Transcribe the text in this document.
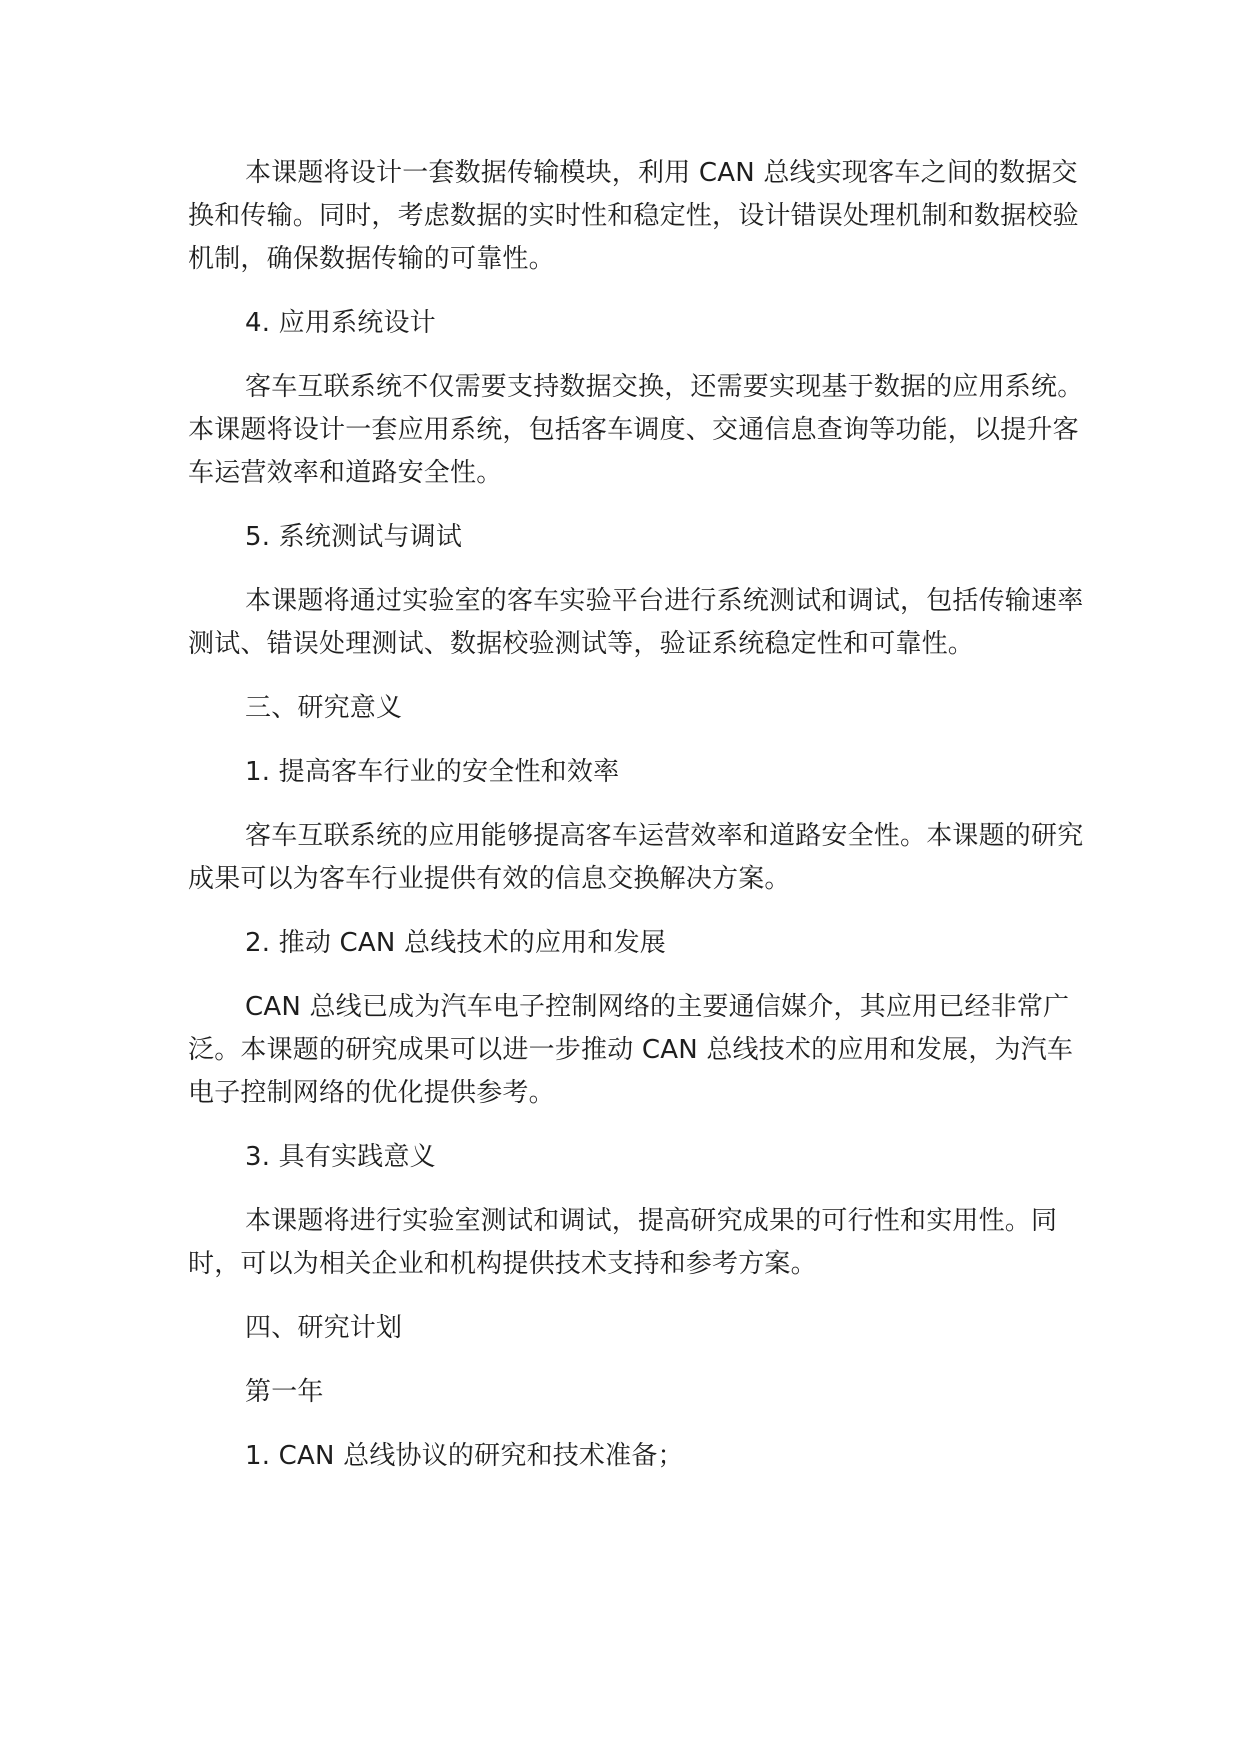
本课题将设计一套数据传输模块，利用 CAN 总线实现客车之间的数据交换和传输。同时，考虑数据的实时性和稳定性，设计错误处理机制和数据校验机制，确保数据传输的可靠性。

4. 应用系统设计

客车互联系统不仅需要支持数据交换，还需要实现基于数据的应用系统。本课题将设计一套应用系统，包括客车调度、交通信息查询等功能，以提升客车运营效率和道路安全性。

5. 系统测试与调试

本课题将通过实验室的客车实验平台进行系统测试和调试，包括传输速率测试、错误处理测试、数据校验测试等，验证系统稳定性和可靠性。

三、研究意义

1. 提高客车行业的安全性和效率

客车互联系统的应用能够提高客车运营效率和道路安全性。本课题的研究成果可以为客车行业提供有效的信息交换解决方案。

2. 推动 CAN 总线技术的应用和发展

CAN 总线已成为汽车电子控制网络的主要通信媒介，其应用已经非常广泛。本课题的研究成果可以进一步推动 CAN 总线技术的应用和发展，为汽车电子控制网络的优化提供参考。

3. 具有实践意义

本课题将进行实验室测试和调试，提高研究成果的可行性和实用性。同时，可以为相关企业和机构提供技术支持和参考方案。

四、研究计划

第一年

1. CAN 总线协议的研究和技术准备；
